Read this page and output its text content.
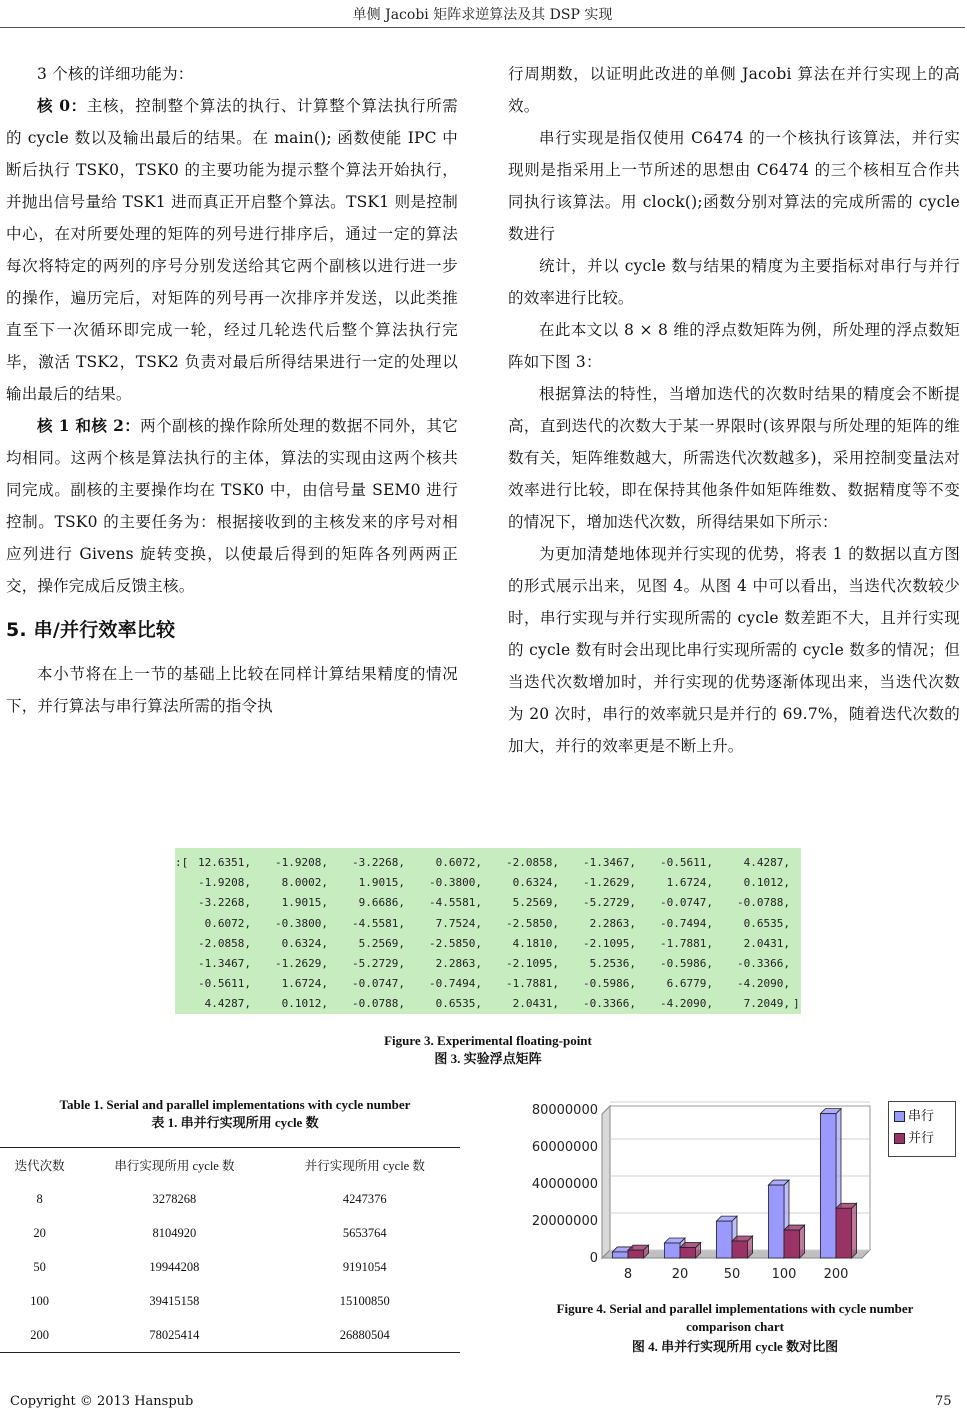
单侧 Jacobi 矩阵求逆算法及其 DSP 实现

3 个核的详细功能为：

核 0：主核，控制整个算法的执行、计算整个算法执行所需的 cycle 数以及输出最后的结果。在 main(); 函数使能 IPC 中断后执行 TSK0，TSK0 的主要功能为提示整个算法开始执行，并抛出信号量给 TSK1 进而真正开启整个算法。TSK1 则是控制中心，在对所要处理的矩阵的列号进行排序后，通过一定的算法每次将特定的两列的序号分别发送给其它两个副核以进行进一步的操作，遍历完后，对矩阵的列号再一次排序并发送，以此类推直至下一次循环即完成一轮，经过几轮迭代后整个算法执行完毕，激活 TSK2，TSK2 负责对最后所得结果进行一定的处理以输出最后的结果。

核 1 和核 2：两个副核的操作除所处理的数据不同外，其它均相同。这两个核是算法执行的主体，算法的实现由这两个核共同完成。副核的主要操作均在 TSK0 中，由信号量 SEM0 进行控制。TSK0 的主要任务为：根据接收到的主核发来的序号对相应列进行 Givens 旋转变换，以使最后得到的矩阵各列两两正交，操作完成后反馈主核。

5. 串/并行效率比较

本小节将在上一节的基础上比较在同样计算结果精度的情况下，并行算法与串行算法所需的指令执

行周期数，以证明此改进的单侧 Jacobi 算法在并行实现上的高效。

串行实现是指仅使用 C6474 的一个核执行该算法，并行实现则是指采用上一节所述的思想由 C6474 的三个核相互合作共同执行该算法。用 clock();函数分别对算法的完成所需的 cycle 数进行

统计，并以 cycle 数与结果的精度为主要指标对串行与并行的效率进行比较。

在此本文以 8 × 8 维的浮点数矩阵为例，所处理的浮点数矩阵如下图 3：

根据算法的特性，当增加迭代的次数时结果的精度会不断提高，直到迭代的次数大于某一界限时(该界限与所处理的矩阵的维数有关，矩阵维数越大，所需迭代次数越多)，采用控制变量法对效率进行比较，即在保持其他条件如矩阵维数、数据精度等不变的情况下，增加迭代次数，所得结果如下所示：

为更加清楚地体现并行实现的优势，将表 1 的数据以直方图的形式展示出来，见图 4。从图 4 中可以看出，当迭代次数较少时，串行实现与并行实现所需的 cycle 数差距不大，且并行实现的 cycle 数有时会出现比串行实现所需的 cycle 数多的情况；但当迭代次数增加时，并行实现的优势逐渐体现出来，当迭代次数为 20 次时，串行的效率就只是并行的 69.7%，随着迭代次数的加大，并行的效率更是不断上升。

:[ 12.6351,	-1.9208,	-3.2268,	0.6072,	-2.0858,	-1.3467,	-0.5611,	4.4287,
-1.9208,	8.0002,	1.9015,	-0.3800,	0.6324,	-1.2629,	1.6724,	0.1012,
-3.2268,	1.9015,	9.6686,	-4.5581,	5.2569,	-5.2729,	-0.0747,	-0.0788,
0.6072,	-0.3800,	-4.5581,	7.7524,	-2.5850,	2.2863,	-0.7494,	0.6535,
-2.0858,	0.6324,	5.2569,	-2.5850,	4.1810,	-2.1095,	-1.7881,	2.0431,
-1.3467,	-1.2629,	-5.2729,	2.2863,	-2.1095,	5.2536,	-0.5986,	-0.3366,
-0.5611,	1.6724,	-0.0747,	-0.7494,	-1.7881,	-0.5986,	6.6779,	-4.2090,
4.4287,	0.1012,	-0.0788,	0.6535,	2.0431,	-0.3366,	-4.2090,	7.2049, ]
Figure 3. Experimental floating-point
图 3. 实验浮点矩阵
Table 1. Serial and parallel implementations with cycle number
表 1. 串并行实现所用 cycle 数
迭代次数	串行实现所用 cycle 数	并行实现所用 cycle 数
8	3278268	4247376
20	8104920	5653764
50	19944208	9191054
100	39415158	15100850
200	78025414	26880504
80000000
60000000
40000000
20000000
0
8	20	50 100 200
串行
并行
Figure 4. Serial and parallel implementations with cycle number
comparison chart
图 4. 串并行实现所用 cycle 数对比图
Copyright © 2013 Hanspub	75
